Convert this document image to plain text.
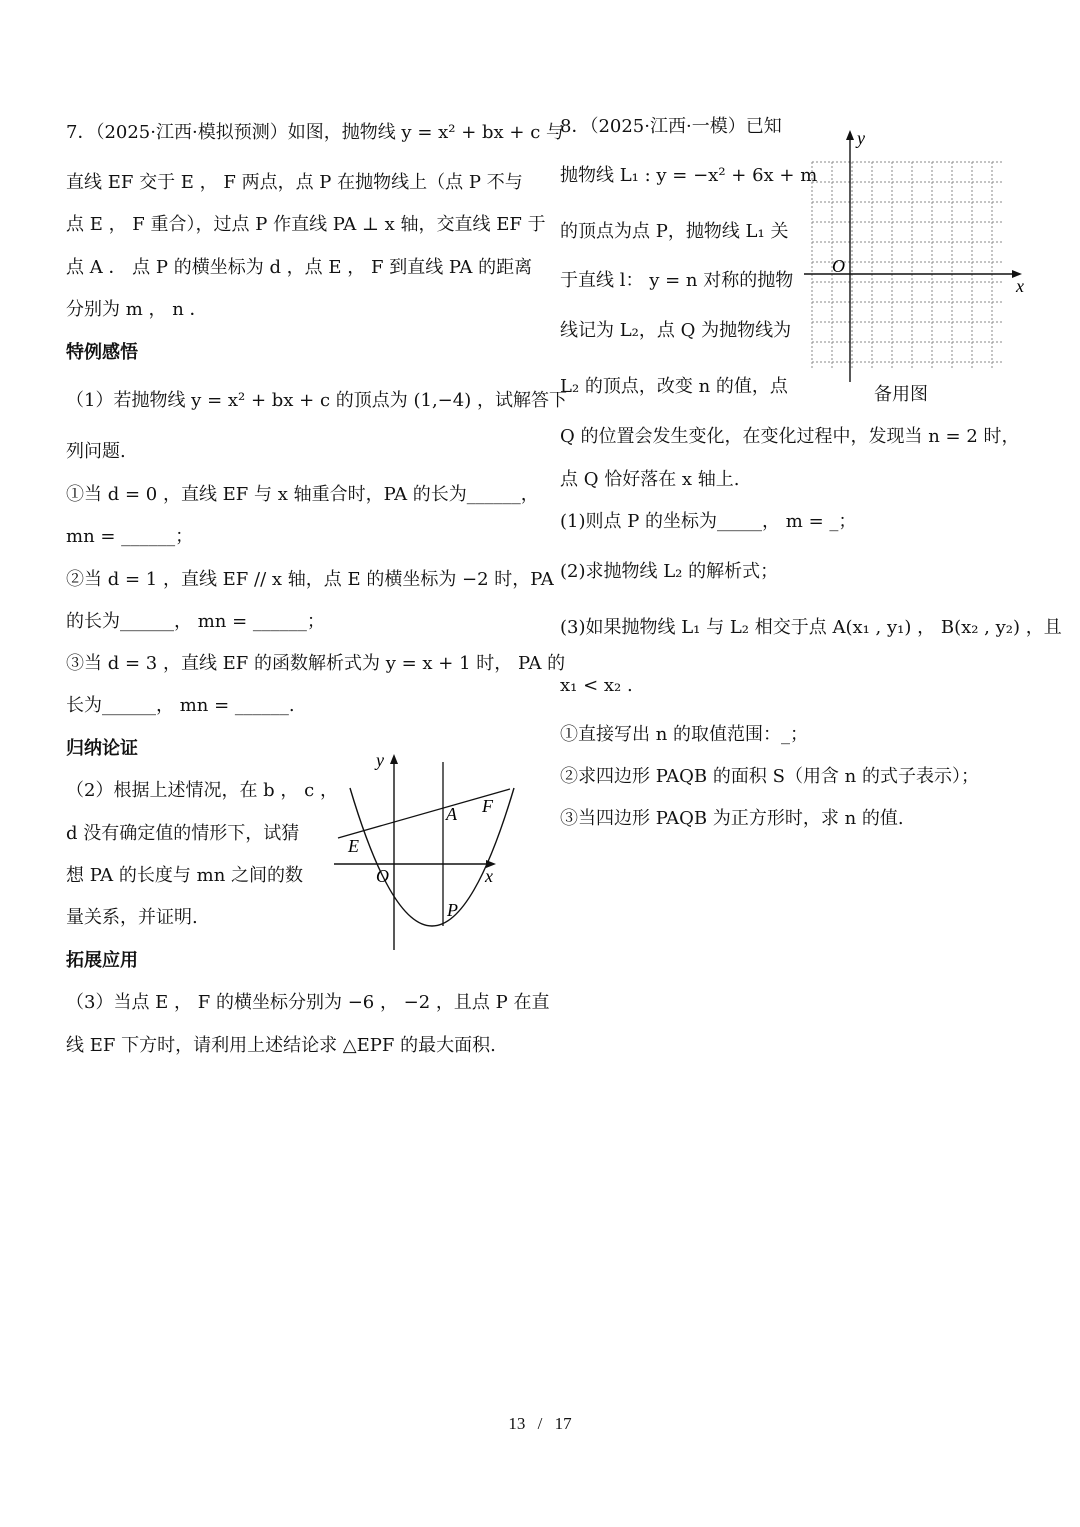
7．（2025·江西·模拟预测）如图，抛物线 y = x² + bx + c 与
直线 EF 交于 E ， F 两点，点 P 在抛物线上（点 P 不与
点 E ， F 重合），过点 P 作直线 PA ⊥ x 轴，交直线 EF 于
点 A ． 点 P 的横坐标为 d ，点 E ， F 到直线 PA 的距离
分别为 m ， n ．
特例感悟
（1）若抛物线 y = x² + bx + c 的顶点为 (1,−4) ，试解答下
列问题.
①当 d = 0 ，直线 EF 与 x 轴重合时，PA 的长为______，
mn = ______；
②当 d = 1 ，直线 EF // x 轴，点 E 的横坐标为 −2 时，PA
的长为______， mn = ______；
③当 d = 3 ，直线 EF 的函数解析式为 y = x + 1 时， PA 的
长为______， mn = ______.
归纳论证
（2）根据上述情况，在 b ， c ，
d 没有确定值的情形下，试猜
想 PA 的长度与 mn 之间的数
量关系，并证明.
y
x
O
A F
E
P
拓展应用
（3）当点 E ， F 的横坐标分别为 −6 ， −2 ，且点 P 在直
线 EF 下方时，请利用上述结论求 △EPF 的最大面积.
8．（2025·江西·一模）已知
抛物线 L₁ : y = −x² + 6x + m
的顶点为点 P，抛物线 L₁ 关
于直线 l： y = n 对称的抛物
线记为 L₂，点 Q 为抛物线为
L₂ 的顶点，改变 n 的值，点
Q 的位置会发生变化，在变化过程中，发现当 n = 2 时，
点 Q 恰好落在 x 轴上.
y
x
O
备用图
(1)则点 P 的坐标为_____， m = _；
(2)求抛物线 L₂ 的解析式；
(3)如果抛物线 L₁ 与 L₂ 相交于点 A(x₁ , y₁) ， B(x₂ , y₂) ，且
x₁ < x₂ .
①直接写出 n 的取值范围：_；
②求四边形 PAQB 的面积 S（用含 n 的式子表示）；
③当四边形 PAQB 为正方形时，求 n 的值.
13 / 17
